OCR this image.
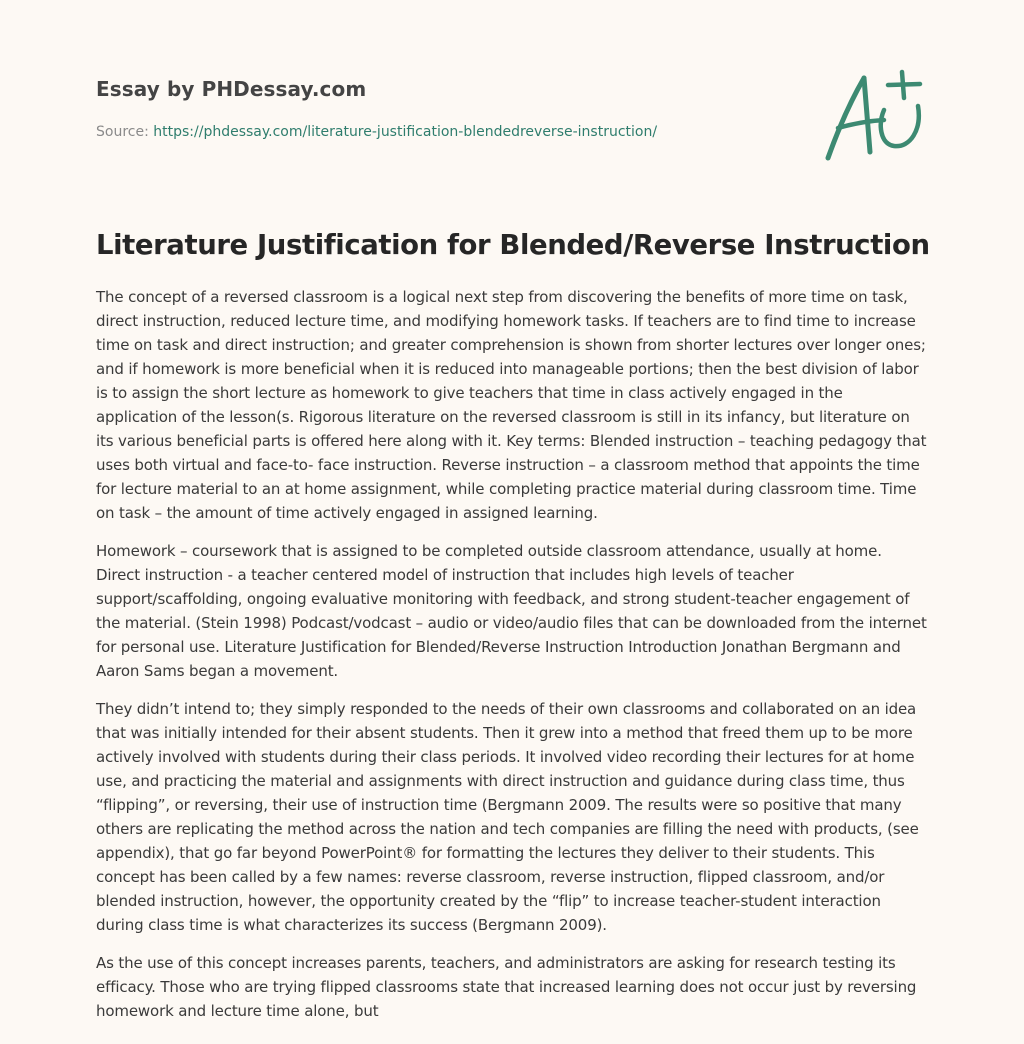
Essay by PHDessay.com
Source: https://phdessay.com/literature-justification-blendedreverse-instruction/
Literature Justification for Blended/Reverse Instruction

The concept of a reversed classroom is a logical next step from discovering the benefits of more time on task, direct instruction, reduced lecture time, and modifying homework tasks. If teachers are to find time to increase time on task and direct instruction; and greater comprehension is shown from shorter lectures over longer ones; and if homework is more beneficial when it is reduced into manageable portions; then the best division of labor is to assign the short lecture as homework to give teachers that time in class actively engaged in the application of the lesson(s. Rigorous literature on the reversed classroom is still in its infancy, but literature on its various beneficial parts is offered here along with it. Key terms: Blended instruction – teaching pedagogy that uses both virtual and face-to- face instruction. Reverse instruction – a classroom method that appoints the time for lecture material to an at home assignment, while completing practice material during classroom time. Time on task – the amount of time actively engaged in assigned learning.

Homework – coursework that is assigned to be completed outside classroom attendance, usually at home. Direct instruction - a teacher centered model of instruction that includes high levels of teacher support/scaffolding, ongoing evaluative monitoring with feedback, and strong student-teacher engagement of the material. (Stein 1998) Podcast/vodcast – audio or video/audio files that can be downloaded from the internet for personal use. Literature Justification for Blended/Reverse Instruction Introduction Jonathan Bergmann and Aaron Sams began a movement.

They didn’t intend to; they simply responded to the needs of their own classrooms and collaborated on an idea that was initially intended for their absent students. Then it grew into a method that freed them up to be more actively involved with students during their class periods. It involved video recording their lectures for at home use, and practicing the material and assignments with direct instruction and guidance during class time, thus “flipping”, or reversing, their use of instruction time (Bergmann 2009. The results were so positive that many others are replicating the method across the nation and tech companies are filling the need with products, (see appendix), that go far beyond PowerPoint® for formatting the lectures they deliver to their students. This concept has been called by a few names: reverse classroom, reverse instruction, flipped classroom, and/or blended instruction, however, the opportunity created by the “flip” to increase teacher-student interaction during class time is what characterizes its success (Bergmann 2009).

As the use of this concept increases parents, teachers, and administrators are asking for research testing its efficacy. Those who are trying flipped classrooms state that increased learning does not occur just by reversing homework and lecture time alone, but
